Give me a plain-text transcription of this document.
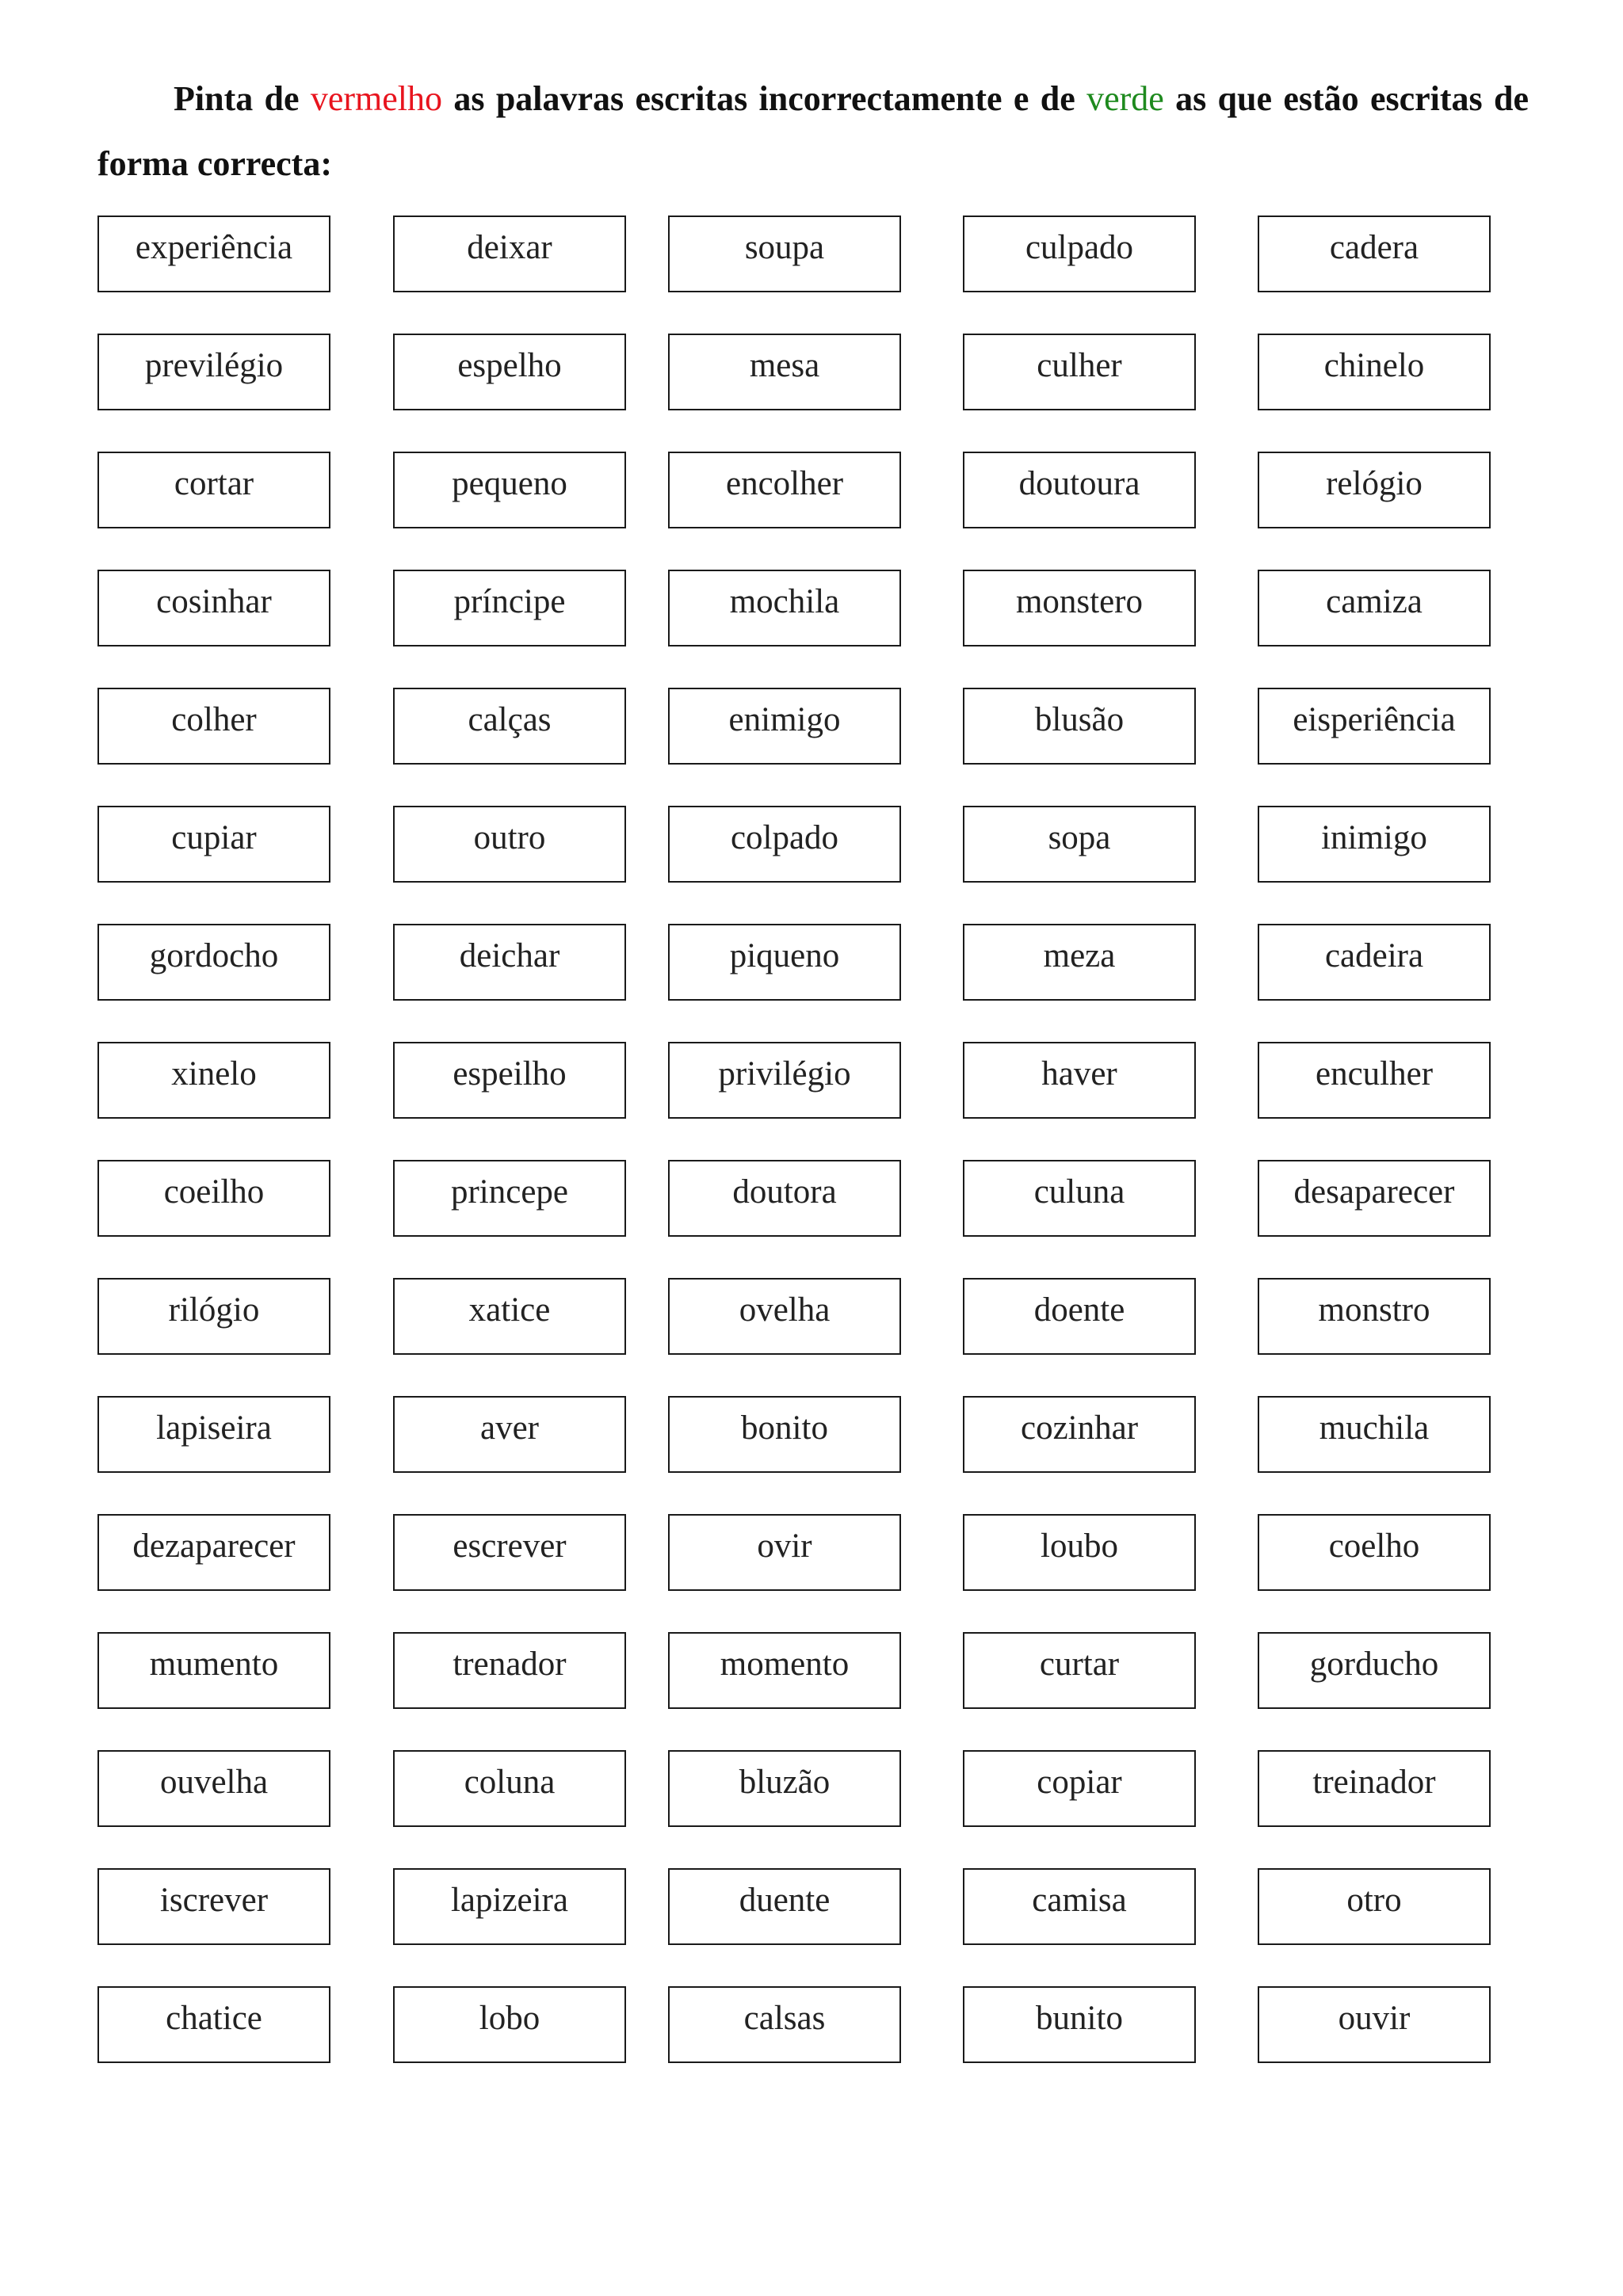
Pinta de vermelho as palavras escritas incorrectamente e de verde as que estão escritas de forma correcta:

experiência	deixar	soupa	culpado	cadera
previlégio	espelho	mesa	culher	chinelo
cortar	pequeno	encolher	doutoura	relógio
cosinhar	príncipe	mochila	monstero	camiza
colher	calças	enimigo	blusão	eisperiência
cupiar	outro	colpado	sopa	inimigo
gordocho	deichar	piqueno	meza	cadeira
xinelo	espeilho	privilégio	haver	enculher
coeilho	princepe	doutora	culuna	desaparecer
rilógio	xatice	ovelha	doente	monstro
lapiseira	aver	bonito	cozinhar	muchila
dezaparecer	escrever	ovir	loubo	coelho
mumento	trenador	momento	curtar	gorducho
ouvelha	coluna	bluzão	copiar	treinador
iscrever	lapizeira	duente	camisa	otro
chatice	lobo	calsas	bunito	ouvir
